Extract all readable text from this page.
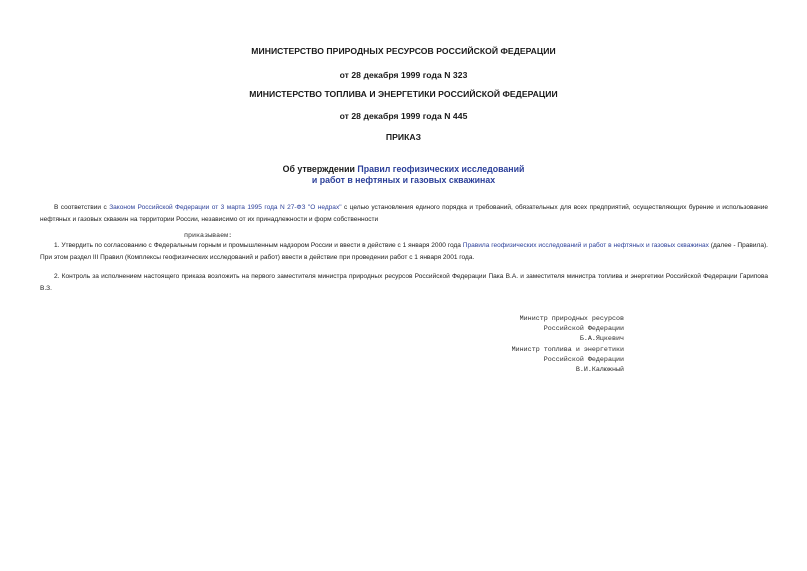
МИНИСТЕРСТВО ПРИРОДНЫХ РЕСУРСОВ РОССИЙСКОЙ ФЕДЕРАЦИИ
от 28 декабря 1999 года N 323
МИНИСТЕРСТВО ТОПЛИВА И ЭНЕРГЕТИКИ РОССИЙСКОЙ ФЕДЕРАЦИИ
от 28 декабря 1999 года N 445
ПРИКАЗ
Об утверждении Правил геофизических исследований
и работ в нефтяных и газовых скважинах
В соответствии с Законом Российской Федерации от 3 марта 1995 года N 27-ФЗ "О недрах" с целью установления единого порядка и требований, обязательных для всех предприятий, осуществляющих бурение и использование нефтяных и газовых скважин на территории России, независимо от их принадлежности и форм собственности
приказываем:
1. Утвердить по согласованию с Федеральным горным и промышленным надзором России и ввести в действие с 1 января 2000 года Правила геофизических исследований и работ в нефтяных и газовых скважинах (далее - Правила). При этом раздел III Правил (Комплексы геофизических исследований и работ) ввести в действие при проведении работ с 1 января 2001 года.
2. Контроль за исполнением настоящего приказа возложить на первого заместителя министра природных ресурсов Российской Федерации Пака В.А. и заместителя министра топлива и энергетики Российской Федерации Гарипова В.З.
Министр природных ресурсов
Российской Федерации
Б.А.Яцкевич
Министр топлива и энергетики
Российской Федерации
В.И.Калюжный
